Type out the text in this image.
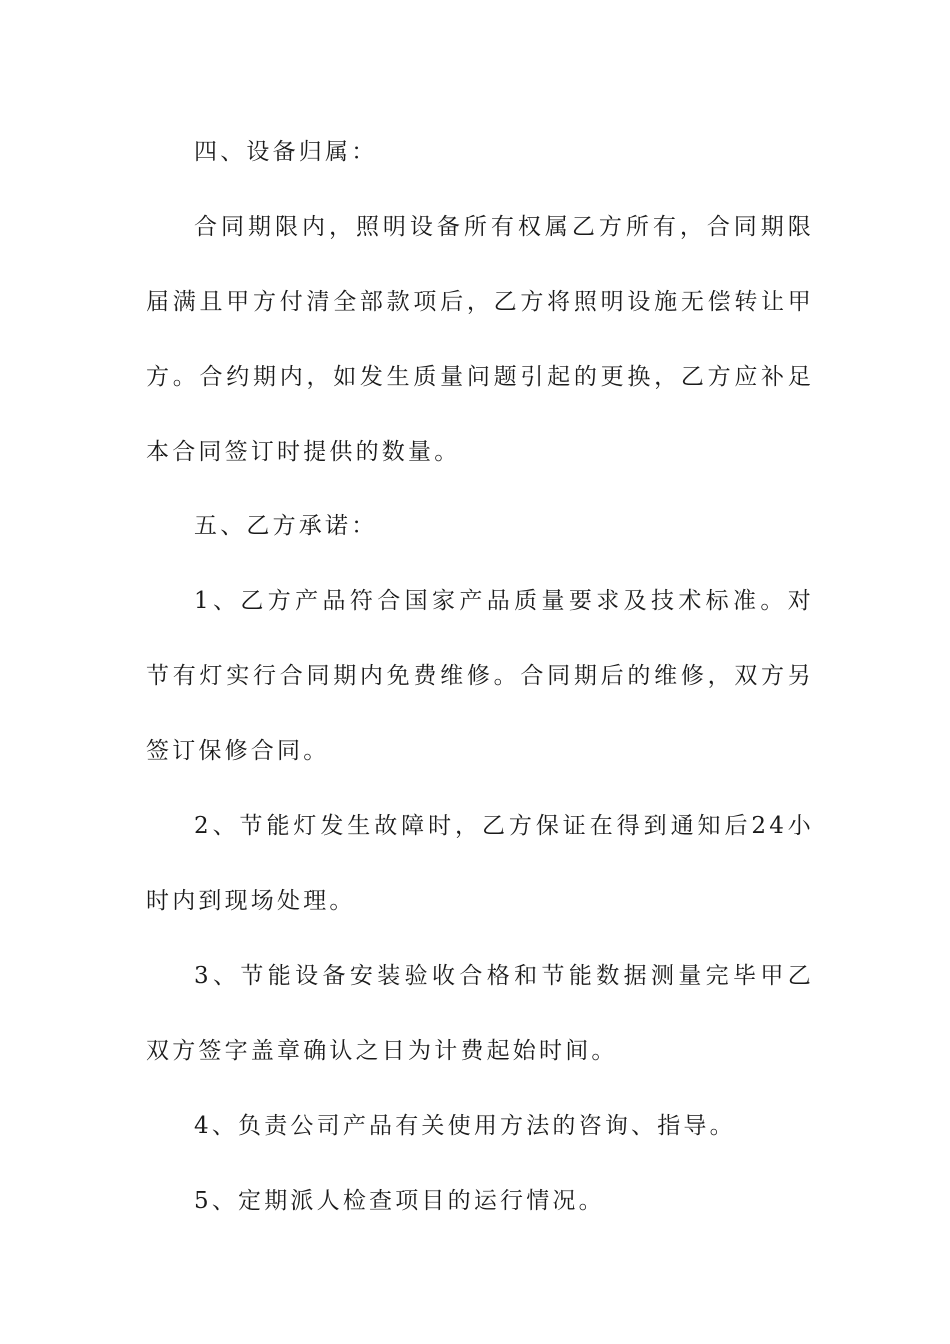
四、设备归属：

合同期限内，照明设备所有权属乙方所有，合同期限届满且甲方付清全部款项后，乙方将照明设施无偿转让甲方。合约期内，如发生质量问题引起的更换，乙方应补足本合同签订时提供的数量。

五、乙方承诺：

1、乙方产品符合国家产品质量要求及技术标准。对节有灯实行合同期内免费维修。合同期后的维修，双方另签订保修合同。

2、节能灯发生故障时，乙方保证在得到通知后24小时内到现场处理。

3、节能设备安装验收合格和节能数据测量完毕甲乙双方签字盖章确认之日为计费起始时间。

4、负责公司产品有关使用方法的咨询、指导。

5、定期派人检查项目的运行情况。
